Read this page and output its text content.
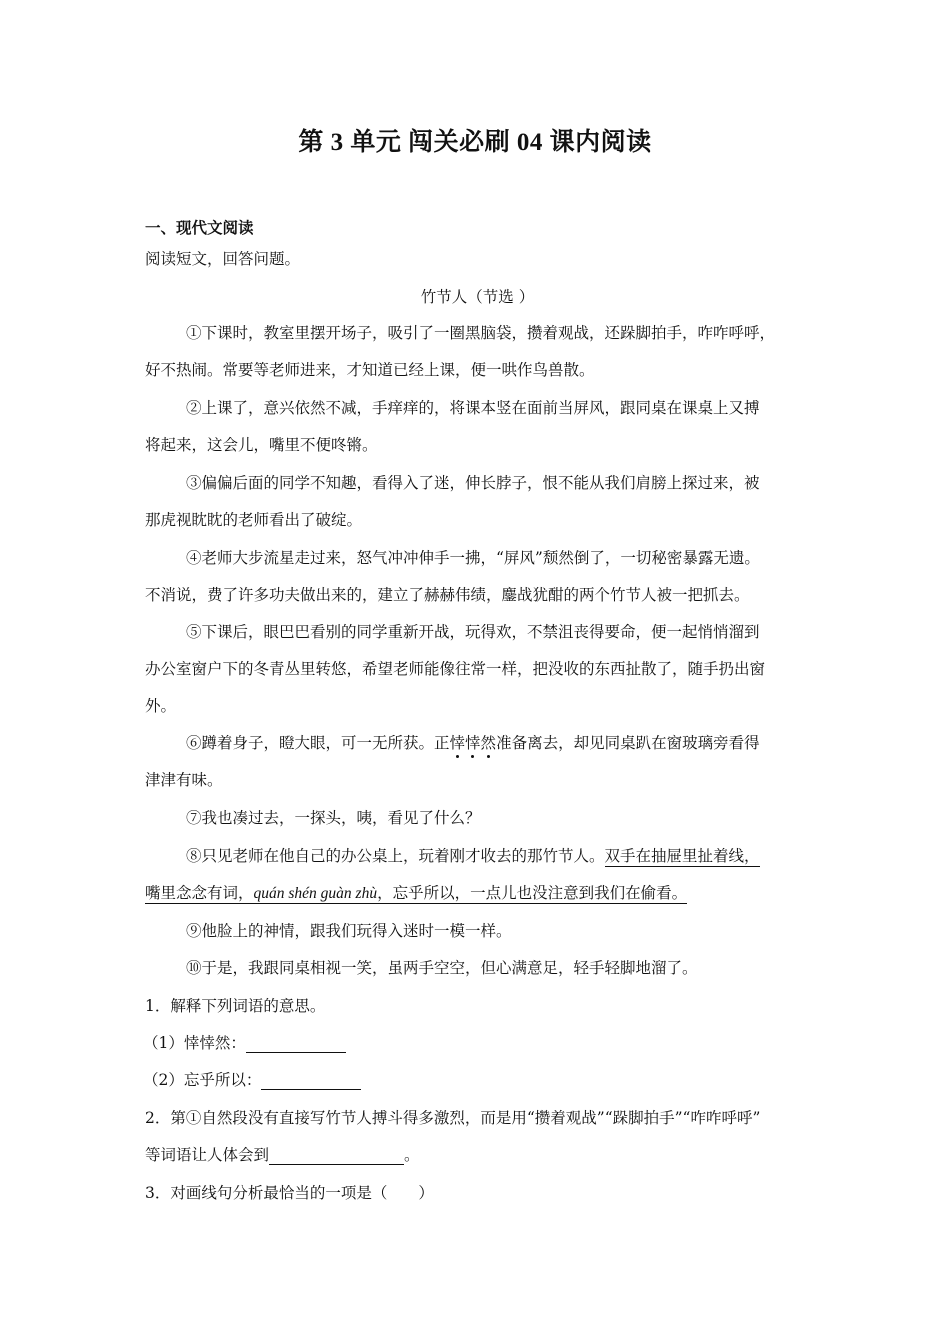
第 3 单元 闯关必刷 04 课内阅读
一、现代文阅读
阅读短文，回答问题。
竹节人（节选 ）
①下课时，教室里摆开场子，吸引了一圈黑脑袋，攒着观战，还跺脚拍手，咋咋呼呼，
好不热闹。常要等老师进来，才知道已经上课，便一哄作鸟兽散。
②上课了，意兴依然不减，手痒痒的，将课本竖在面前当屏风，跟同桌在课桌上又搏
将起来，这会儿，嘴里不便咚锵。
③偏偏后面的同学不知趣，看得入了迷，伸长脖子，恨不能从我们肩膀上探过来，被
那虎视眈眈的老师看出了破绽。
④老师大步流星走过来，怒气冲冲伸手一拂，“屏风”颓然倒了，一切秘密暴露无遗。
不消说，费了许多功夫做出来的，建立了赫赫伟绩，鏖战犹酣的两个竹节人被一把抓去。
⑤下课后，眼巴巴看别的同学重新开战，玩得欢，不禁沮丧得要命，便一起悄悄溜到
办公室窗户下的冬青丛里转悠，希望老师能像往常一样，把没收的东西扯散了，随手扔出窗
外。
⑥蹲着身子，瞪大眼，可一无所获。正悻悻然准备离去，却见同桌趴在窗玻璃旁看得
津津有味。
⑦我也凑过去，一探头，咦，看见了什么？
⑧只见老师在他自己的办公桌上，玩着刚才收去的那竹节人。双手在抽屉里扯着线，
嘴里念念有词，quán shén guàn zhù，忘乎所以，一点儿也没注意到我们在偷看。
⑨他脸上的神情，跟我们玩得入迷时一模一样。
⑩于是，我跟同桌相视一笑，虽两手空空，但心满意足，轻手轻脚地溜了。
1．解释下列词语的意思。
（1）悻悻然：
（2）忘乎所以：
2．第①自然段没有直接写竹节人搏斗得多激烈，而是用“攒着观战”“跺脚拍手”“咋咋呼呼”
等词语让人体会到	。
3．对画线句分析最恰当的一项是（　　）
